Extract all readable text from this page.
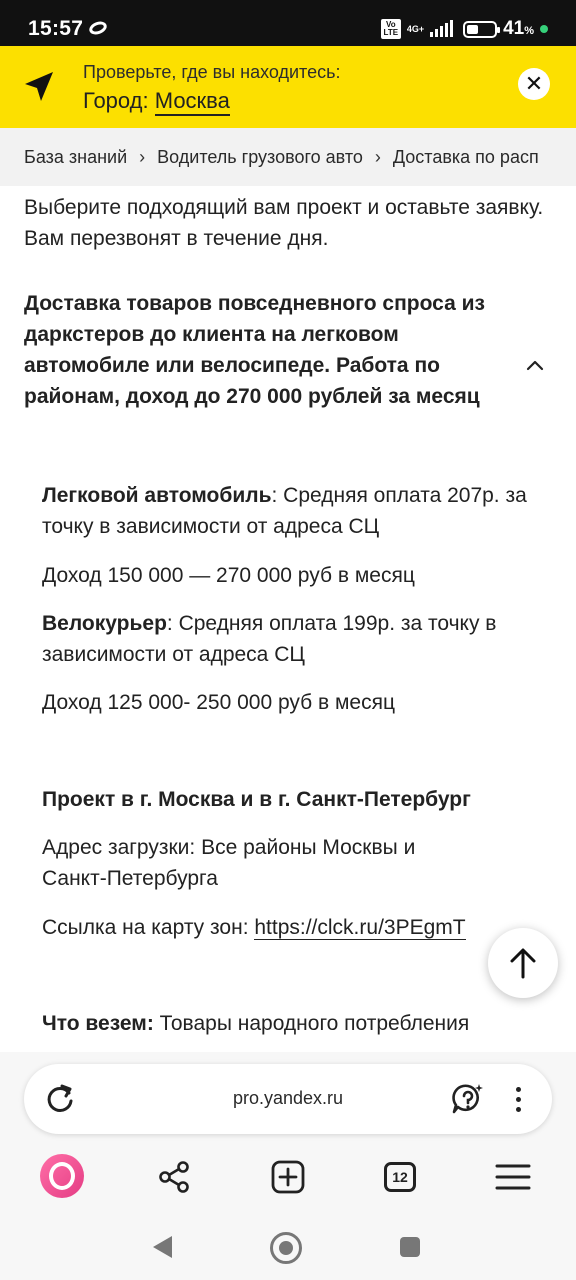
15:57	Vo LTE 4G+	41%
Проверьте, где вы находитесь:
Город: Москва
✕
База знаний › Водитель грузового авто › Доставка по расп

Выберите подходящий вам проект и оставьте заявку. Вам перезвонят в течение дня.

Доставка товаров повседневного спроса из даркстеров до клиента на легковом автомобиле или велосипеде. Работа по районам, доход до 270 000 рублей за месяц

Легковой автомобиль: Средняя оплата 207р. за точку в зависимости от адреса СЦ

Доход 150 000 — 270 000 руб в месяц

Велокурьер: Средняя оплата 199р. за точку в зависимости от адреса СЦ

Доход 125 000- 250 000 руб в месяц

Проект в г. Москва и в г. Санкт-Петербург

Адрес загрузки: Все районы Москвы и Санкт-Петербурга

Ссылка на карту зон: https://clck.ru/3PEgmT

Что везем: Товары народного потребления

pro.yandex.ru
12
